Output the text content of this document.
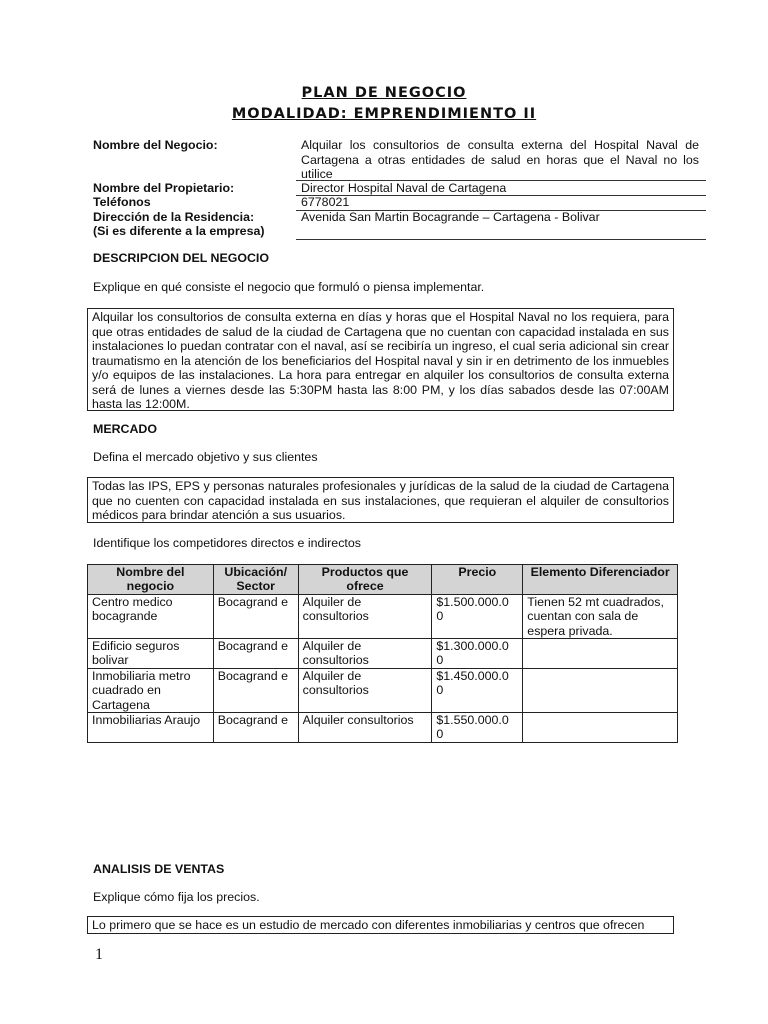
PLAN DE NEGOCIO
MODALIDAD: EMPRENDIMIENTO II
Nombre del Negocio:	Alquilar los consultorios de consulta externa del Hospital Naval de Cartagena a otras entidades de salud en horas que el Naval no los utilice
Nombre del Propietario:	Director Hospital Naval de Cartagena
Teléfonos	6778021
Dirección de la Residencia:
(Si es diferente a la empresa)
Avenida San Martin Bocagrande – Cartagena - Bolivar
DESCRIPCION DEL NEGOCIO
Explique en qué consiste el negocio que formuló o piensa implementar.
Alquilar los consultorios de consulta externa en días y horas que el Hospital Naval no los requiera, para que otras entidades de salud de la ciudad de Cartagena que no cuentan con capacidad instalada en sus instalaciones lo puedan contratar con el naval, así se recibiría un ingreso, el cual seria adicional sin crear traumatismo en la atención de los beneficiarios del Hospital naval y sin ir en detrimento de los inmuebles y/o equipos de las instalaciones. La hora para entregar en alquiler los consultorios de consulta externa será de lunes a viernes desde las 5:30PM hasta las 8:00 PM, y los días sabados desde las 07:00AM hasta las 12:00M.
MERCADO
Defina el mercado objetivo y sus clientes
Todas las IPS, EPS y personas naturales profesionales y jurídicas de la salud de la ciudad de Cartagena que no cuenten con capacidad instalada en sus instalaciones, que requieran el alquiler de consultorios médicos para brindar atención a sus usuarios.
Identifique los competidores directos e indirectos
Nombre del negocio	Ubicación/ Sector	Productos que ofrece	Precio	Elemento Diferenciador
Centro medico bocagrande	Bocagrand e	Alquiler de consultorios	$1.500.000.0 0	Tienen 52 mt cuadrados, cuentan con sala de espera privada.
Edificio seguros bolivar	Bocagrand e	Alquiler de consultorios	$1.300.000.0 0	
Inmobiliaria metro cuadrado en Cartagena	Bocagrand e	Alquiler de consultorios	$1.450.000.0 0	
Inmobiliarias Araujo	Bocagrand e	Alquiler consultorios	$1.550.000.0 0	
ANALISIS DE VENTAS
Explique cómo fija los precios.
Lo primero que se hace es un estudio de mercado con diferentes inmobiliarias y centros que ofrecen
1
